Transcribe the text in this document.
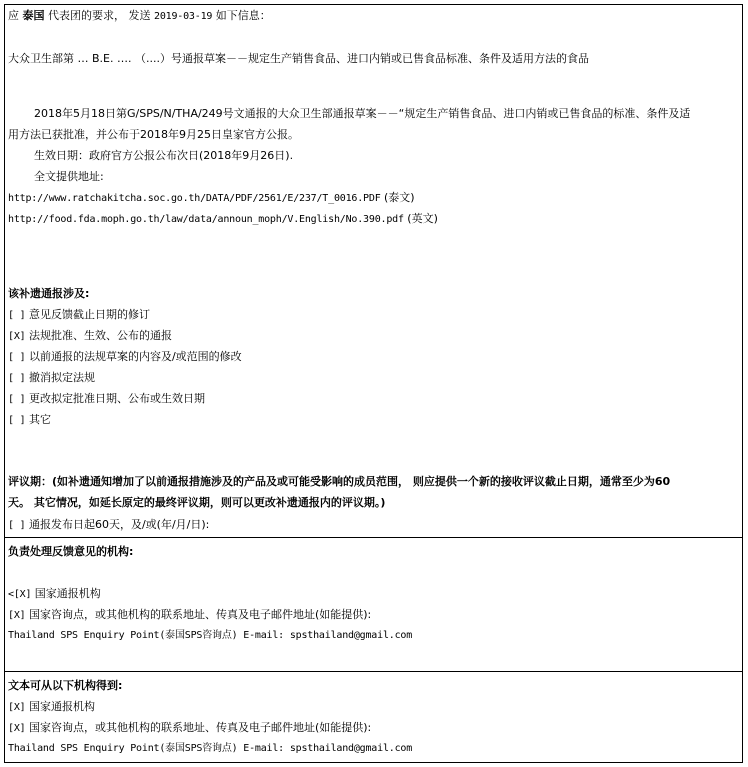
应 泰国 代表团的要求， 发送 2019-03-19 如下信息：
大众卫生部第 … B.E. …. （....）号通报草案－－规定生产销售食品、进口内销或已售食品标准、条件及适用方法的食品
2018年5月18日第G/SPS/N/THA/249号文通报的大众卫生部通报草案－－“规定生产销售食品、进口内销或已售食品的标准、条件及适
用方法已获批准，并公布于2018年9月25日皇家官方公报。
生效日期：政府官方公报公布次日(2018年9月26日).
全文提供地址:
http://www.ratchakitcha.soc.go.th/DATA/PDF/2561/E/237/T_0016.PDF (泰文)
http://food.fda.moph.go.th/law/data/announ_moph/V.English/No.390.pdf (英文)
该补遗通报涉及:
[ ] 意见反馈截止日期的修订
[X] 法规批准、生效、公布的通报
[ ] 以前通报的法规草案的内容及/或范围的修改
[ ] 撤消拟定法规
[ ] 更改拟定批准日期、公布或生效日期
[ ] 其它
评议期：(如补遗通知增加了以前通报措施涉及的产品及或可能受影响的成员范围， 则应提供一个新的接收评议截止日期，通常至少为60
天。 其它情况，如延长原定的最终评议期，则可以更改补遗通报内的评议期。)
[ ] 通报发布日起60天，及/或(年/月/日):
负责处理反馈意见的机构:
<[X] 国家通报机构
[X] 国家咨询点，或其他机构的联系地址、传真及电子邮件地址(如能提供):
Thailand SPS Enquiry Point(泰国SPS咨询点) E-mail: spsthailand@gmail.com
文本可从以下机构得到:
[X] 国家通报机构
[X] 国家咨询点，或其他机构的联系地址、传真及电子邮件地址(如能提供):
Thailand SPS Enquiry Point(泰国SPS咨询点) E-mail: spsthailand@gmail.com
